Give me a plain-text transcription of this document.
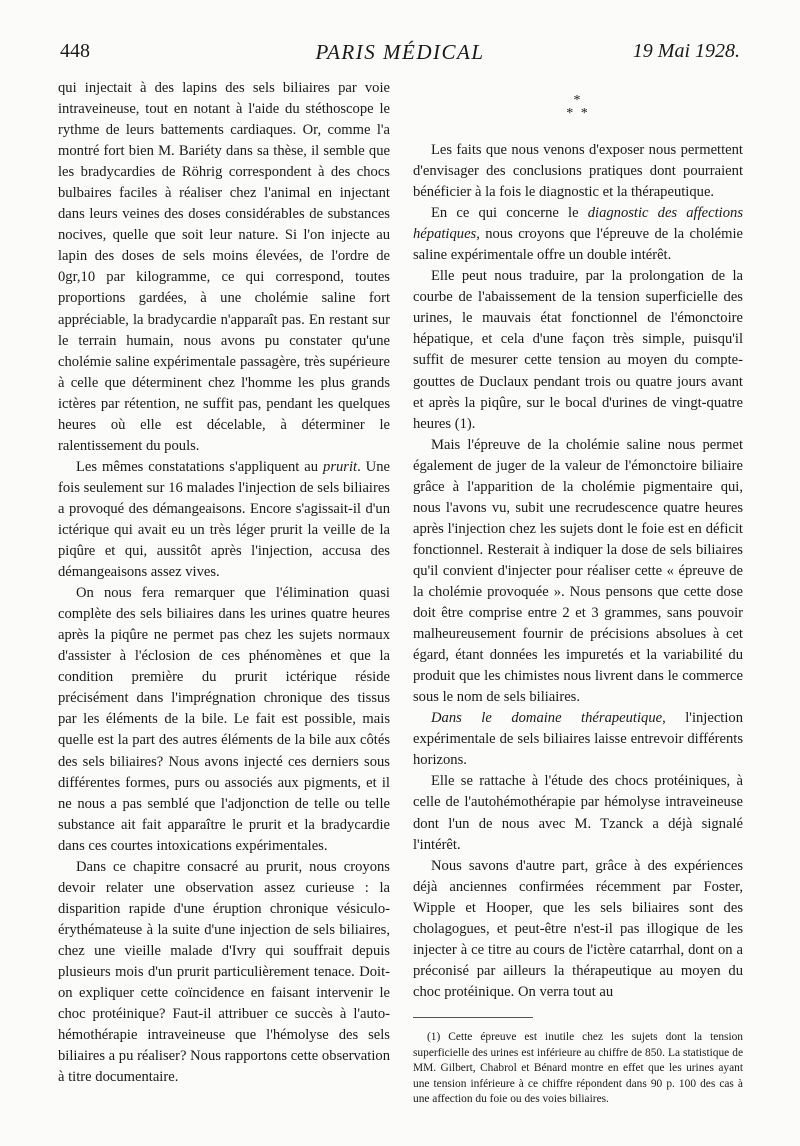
448	PARIS MÉDICAL	19 Mai 1928.

qui injectait à des lapins des sels biliaires par voie intraveineuse, tout en notant à l'aide du stéthoscope le rythme de leurs battements cardiaques. Or, comme l'a montré fort bien M. Bariéty dans sa thèse, il semble que les bradycardies de Röhrig correspondent à des chocs bulbaires faciles à réaliser chez l'animal en injectant dans leurs veines des doses considérables de substances nocives, quelle que soit leur nature. Si l'on injecte au lapin des doses de sels moins élevées, de l'ordre de 0gr,10 par kilogramme, ce qui correspond, toutes proportions gardées, à une cholémie saline fort appréciable, la bradycardie n'apparaît pas. En restant sur le terrain humain, nous avons pu constater qu'une cholémie saline expérimentale passagère, très supérieure à celle que déterminent chez l'homme les plus grands ictères par rétention, ne suffit pas, pendant les quelques heures où elle est décelable, à déterminer le ralentissement du pouls.

Les mêmes constatations s'appliquent au prurit. Une fois seulement sur 16 malades l'injection de sels biliaires a provoqué des démangeaisons. Encore s'agissait-il d'un ictérique qui avait eu un très léger prurit la veille de la piqûre et qui, aussitôt après l'injection, accusa des démangeaisons assez vives.

On nous fera remarquer que l'élimination quasi complète des sels biliaires dans les urines quatre heures après la piqûre ne permet pas chez les sujets normaux d'assister à l'éclosion de ces phénomènes et que la condition première du prurit ictérique réside précisément dans l'imprégnation chronique des tissus par les éléments de la bile. Le fait est possible, mais quelle est la part des autres éléments de la bile aux côtés des sels biliaires? Nous avons injecté ces derniers sous différentes formes, purs ou associés aux pigments, et il ne nous a pas semblé que l'adjonction de telle ou telle substance ait fait apparaître le prurit et la bradycardie dans ces courtes intoxications expérimentales.

Dans ce chapitre consacré au prurit, nous croyons devoir relater une observation assez curieuse : la disparition rapide d'une éruption chronique vésiculo-érythémateuse à la suite d'une injection de sels biliaires, chez une vieille malade d'Ivry qui souffrait depuis plusieurs mois d'un prurit particulièrement tenace. Doit-on expliquer cette coïncidence en faisant intervenir le choc protéinique? Faut-il attribuer ce succès à l'auto-hémothérapie intraveineuse que l'hémolyse des sels biliaires a pu réaliser? Nous rapportons cette observation à titre documentaire.

*
* *

Les faits que nous venons d'exposer nous permettent d'envisager des conclusions pratiques dont pourraient bénéficier à la fois le diagnostic et la thérapeutique.

En ce qui concerne le diagnostic des affections hépatiques, nous croyons que l'épreuve de la cholémie saline expérimentale offre un double intérêt.

Elle peut nous traduire, par la prolongation de la courbe de l'abaissement de la tension superficielle des urines, le mauvais état fonctionnel de l'émonctoire hépatique, et cela d'une façon très simple, puisqu'il suffit de mesurer cette tension au moyen du compte-gouttes de Duclaux pendant trois ou quatre jours avant et après la piqûre, sur le bocal d'urines de vingt-quatre heures (1).

Mais l'épreuve de la cholémie saline nous permet également de juger de la valeur de l'émonctoire biliaire grâce à l'apparition de la cholémie pigmentaire qui, nous l'avons vu, subit une recrudescence quatre heures après l'injection chez les sujets dont le foie est en déficit fonctionnel. Resterait à indiquer la dose de sels biliaires qu'il convient d'injecter pour réaliser cette « épreuve de la cholémie provoquée ». Nous pensons que cette dose doit être comprise entre 2 et 3 grammes, sans pouvoir malheureusement fournir de précisions absolues à cet égard, étant données les impuretés et la variabilité du produit que les chimistes nous livrent dans le commerce sous le nom de sels biliaires.

Dans le domaine thérapeutique, l'injection expérimentale de sels biliaires laisse entrevoir différents horizons.

Elle se rattache à l'étude des chocs protéiniques, à celle de l'autohémothérapie par hémolyse intraveineuse dont l'un de nous avec M. Tzanck a déjà signalé l'intérêt.

Nous savons d'autre part, grâce à des expériences déjà anciennes confirmées récemment par Foster, Wipple et Hooper, que les sels biliaires sont des cholagogues, et peut-être n'est-il pas illogique de les injecter à ce titre au cours de l'ictère catarrhal, dont on a préconisé par ailleurs la thérapeutique au moyen du choc protéinique. On verra tout au

(1) Cette épreuve est inutile chez les sujets dont la tension superficielle des urines est inférieure au chiffre de 850. La statistique de MM. Gilbert, Chabrol et Bénard montre en effet que les urines ayant une tension inférieure à ce chiffre répondent dans 90 p. 100 des cas à une affection du foie ou des voies biliaires.
